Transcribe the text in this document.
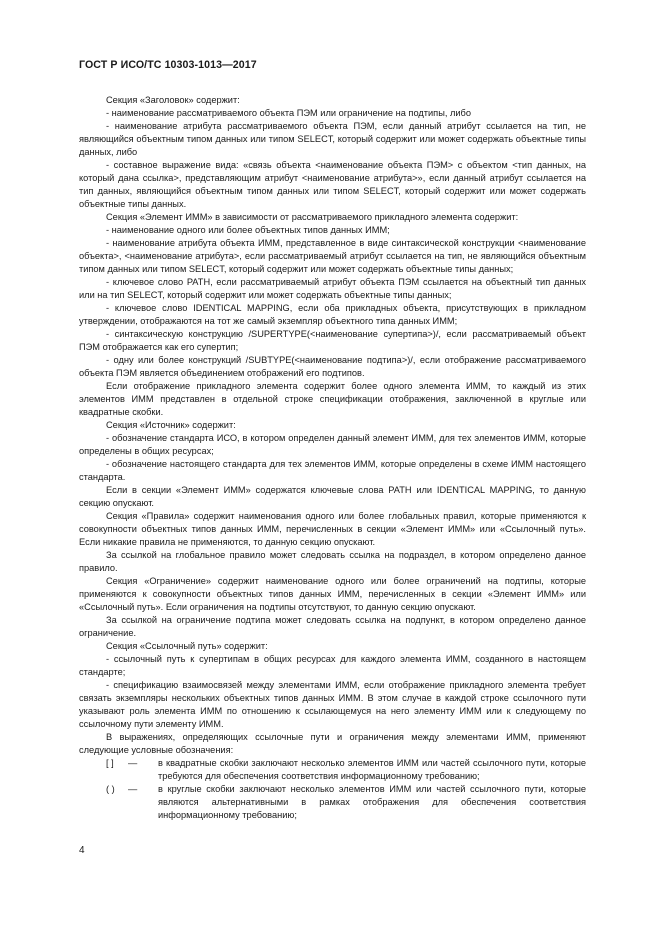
ГОСТ Р ИСО/ТС 10303-1013—2017

Секция «Заголовок» содержит:

- наименование рассматриваемого объекта ПЭМ или ограничение на подтипы, либо

- наименование атрибута рассматриваемого объекта ПЭМ, если данный атрибут ссылается на тип, не являющийся объектным типом данных или типом SELECT, который содержит или может содержать объектные типы данных, либо

- составное выражение вида: «связь объекта <наименование объекта ПЭМ> с объектом <тип данных, на который дана ссылка>, представляющим атрибут <наименование атрибута>», если данный атрибут ссылается на тип данных, являющийся объектным типом данных или типом SELECT, который содержит или может содержать объектные типы данных.

Секция «Элемент ИММ» в зависимости от рассматриваемого прикладного элемента содержит:

- наименование одного или более объектных типов данных ИММ;

- наименование атрибута объекта ИММ, представленное в виде синтаксической конструкции <наименование объекта>, <наименование атрибута>, если рассматриваемый атрибут ссылается на тип, не являющийся объектным типом данных или типом SELECT, который содержит или может содержать объектные типы данных;

- ключевое слово PATH, если рассматриваемый атрибут объекта ПЭМ ссылается на объектный тип данных или на тип SELECT, который содержит или может содержать объектные типы данных;

- ключевое слово IDENTICAL MAPPING, если оба прикладных объекта, присутствующих в прикладном утверждении, отображаются на тот же самый экземпляр объектного типа данных ИММ;

- синтаксическую конструкцию /SUPERTYPE(<наименование супертипа>)/, если рассматриваемый объект ПЭМ отображается как его супертип;

- одну или более конструкций /SUBTYPE(<наименование подтипа>)/, если отображение рассматриваемого объекта ПЭМ является объединением отображений его подтипов.

Если отображение прикладного элемента содержит более одного элемента ИММ, то каждый из этих элементов ИММ представлен в отдельной строке спецификации отображения, заключенной в круглые или квадратные скобки.

Секция «Источник» содержит:

- обозначение стандарта ИСО, в котором определен данный элемент ИММ, для тех элементов ИММ, которые определены в общих ресурсах;

- обозначение настоящего стандарта для тех элементов ИММ, которые определены в схеме ИММ настоящего стандарта.

Если в секции «Элемент ИММ» содержатся ключевые слова PATH или IDENTICAL MAPPING, то данную секцию опускают.

Секция «Правила» содержит наименования одного или более глобальных правил, которые применяются к совокупности объектных типов данных ИММ, перечисленных в секции «Элемент ИММ» или «Ссылочный путь». Если никакие правила не применяются, то данную секцию опускают.

За ссылкой на глобальное правило может следовать ссылка на подраздел, в котором определено данное правило.

Секция «Ограничение» содержит наименование одного или более ограничений на подтипы, которые применяются к совокупности объектных типов данных ИММ, перечисленных в секции «Элемент ИММ» или «Ссылочный путь». Если ограничения на подтипы отсутствуют, то данную секцию опускают.

За ссылкой на ограничение подтипа может следовать ссылка на подпункт, в котором определено данное ограничение.

Секция «Ссылочный путь» содержит:

- ссылочный путь к супертипам в общих ресурсах для каждого элемента ИММ, созданного в настоящем стандарте;

- спецификацию взаимосвязей между элементами ИММ, если отображение прикладного элемента требует связать экземпляры нескольких объектных типов данных ИММ. В этом случае в каждой строке ссылочного пути указывают роль элемента ИММ по отношению к ссылающемуся на него элементу ИММ или к следующему по ссылочному пути элементу ИММ.

В выражениях, определяющих ссылочные пути и ограничения между элементами ИММ, применяют следующие условные обозначения:

[ ] — в квадратные скобки заключают несколько элементов ИММ или частей ссылочного пути, которые требуются для обеспечения соответствия информационному требованию;
( ) — в круглые скобки заключают несколько элементов ИММ или частей ссылочного пути, которые являются альтернативными в рамках отображения для обеспечения соответствия информационному требованию;
4
